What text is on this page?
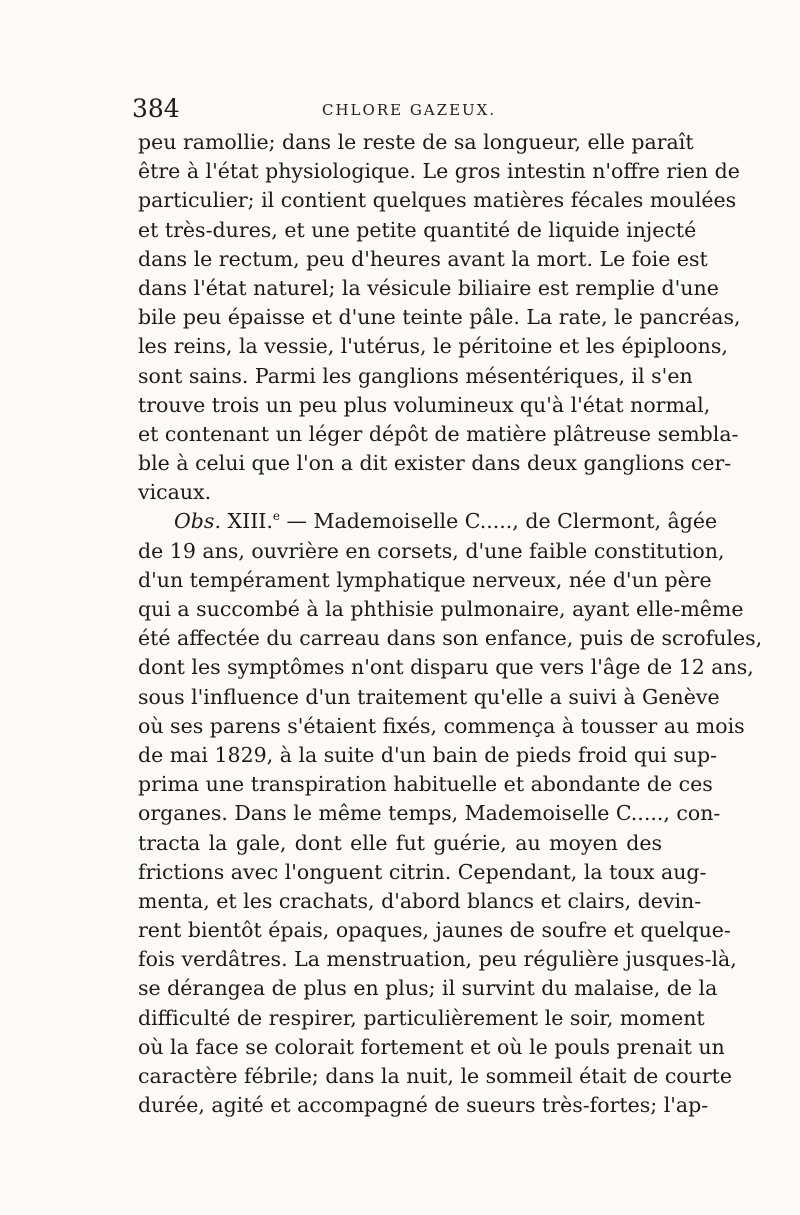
384	CHLORE GAZEUX.
peu ramollie; dans le reste de sa longueur, elle paraît
être à l'état physiologique. Le gros intestin n'offre rien de
particulier; il contient quelques matières fécales moulées
et très-dures, et une petite quantité de liquide injecté
dans le rectum, peu d'heures avant la mort. Le foie est
dans l'état naturel; la vésicule biliaire est remplie d'une
bile peu épaisse et d'une teinte pâle. La rate, le pancréas,
les reins, la vessie, l'utérus, le péritoine et les épiploons,
sont sains. Parmi les ganglions mésentériques, il s'en
trouve trois un peu plus volumineux qu'à l'état normal,
et contenant un léger dépôt de matière plâtreuse sembla-
ble à celui que l'on a dit exister dans deux ganglions cer-
vicaux.
Obs. XIII.$^e$ — Mademoiselle C....., de Clermont, âgée
de 19 ans, ouvrière en corsets, d'une faible constitution,
d'un tempérament lymphatique nerveux, née d'un père
qui a succombé à la phthisie pulmonaire, ayant elle-même
été affectée du carreau dans son enfance, puis de scrofules,
dont les symptômes n'ont disparu que vers l'âge de 12 ans,
sous l'influence d'un traitement qu'elle a suivi à Genève
où ses parens s'étaient fixés, commença à tousser au mois
de mai 1829, à la suite d'un bain de pieds froid qui sup-
prima une transpiration habituelle et abondante de ces
organes. Dans le même temps, Mademoiselle C....., con-
tracta la gale, dont elle fut guérie, au moyen des
frictions avec l'onguent citrin. Cependant, la toux aug-
menta, et les crachats, d'abord blancs et clairs, devin-
rent bientôt épais, opaques, jaunes de soufre et quelque-
fois verdâtres. La menstruation, peu régulière jusques-là,
se dérangea de plus en plus; il survint du malaise, de la
difficulté de respirer, particulièrement le soir, moment
où la face se colorait fortement et où le pouls prenait un
caractère fébrile; dans la nuit, le sommeil était de courte
durée, agité et accompagné de sueurs très-fortes; l'ap-
